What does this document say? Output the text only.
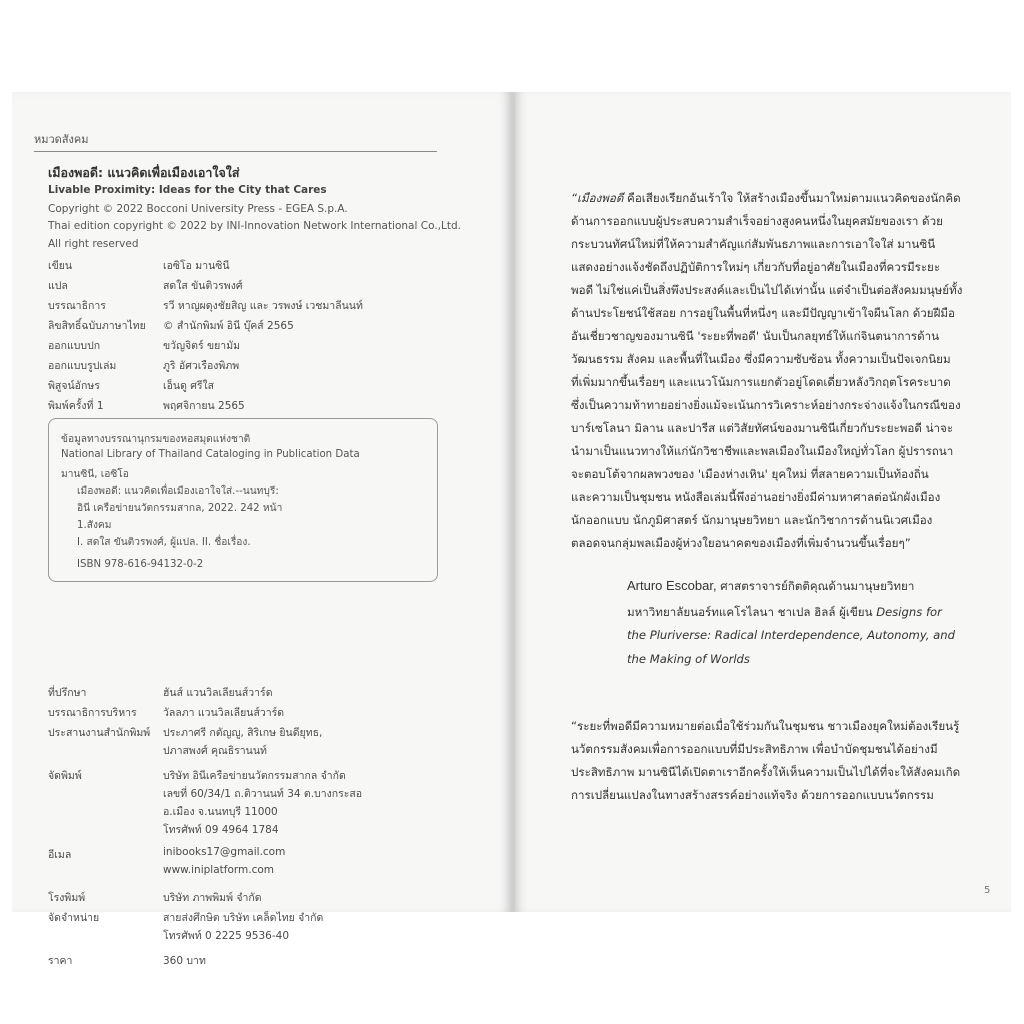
หมวดสังคม
เมืองพอดี: แนวคิดเพื่อเมืองเอาใจใส่
Livable Proximity: Ideas for the City that Cares
Copyright © 2022 Bocconi University Press - EGEA S.p.A.
Thai edition copyright © 2022 by INI-Innovation Network International Co.,Ltd.
All right reserved
เขียน	เอซิโอ มานซินี
แปล	สดใส ขันติวรพงศ์
บรรณาธิการ	รวี หาญผดุงชัยสิญ และ วรพงษ์ เวชมาลีนนท์
ลิขสิทธิ์ฉบับภาษาไทย © สำนักพิมพ์ อินี บุ๊คส์ 2565
ออกแบบปก	ขวัญจิตร์ ขยามัม
ออกแบบรูปเล่ม	ภูริ อัศวเรืองพิภพ
พิสูจน์อักษร	เอ็นดู ศรีใส
พิมพ์ครั้งที่ 1	พฤศจิกายน 2565
ข้อมูลทางบรรณานุกรมของหอสมุดแห่งชาติ
National Library of Thailand Cataloging in Publication Data
มานซินี, เอซิโอ
เมืองพอดี: แนวคิดเพื่อเมืองเอาใจใส่.--นนทบุรี:
อินี เครือข่ายนวัตกรรมสากล, 2022. 242 หน้า
1.สังคม
I. สดใส ขันติวรพงศ์, ผู้แปล. II. ชื่อเรื่อง.
ISBN 978-616-94132-0-2
ที่ปรึกษา	ฮันส์ แวนวิลเลียนส์วาร์ด
บรรณาธิการบริหาร	วัลลภา แวนวิลเลียนส์วาร์ด
ประสานงานสำนักพิมพ์ ประภาศรี กตัญญู, สิริเกษ ยินดียุทธ,
ปภาสพงศ์ คุณธิรานนท์
จัดพิมพ์	บริษัท อินีเครือข่ายนวัตกรรมสากล จำกัด
เลขที่ 60/34/1 ถ.ติวานนท์ 34 ต.บางกระสอ
อ.เมือง จ.นนทบุรี 11000
โทรศัพท์ 09 4964 1784
อีเมล	inibooks17@gmail.com
www.iniplatform.com
โรงพิมพ์	บริษัท ภาพพิมพ์ จำกัด
จัดจำหน่าย	สายส่งศึกษิต บริษัท เคล็ดไทย จำกัด
โทรศัพท์ 0 2225 9536-40
ราคา	360 บาท
“เมืองพอดี คือเสียงเรียกอันเร้าใจ ให้สร้างเมืองขึ้นมาใหม่ตามแนวคิดของนักคิด
ด้านการออกแบบผู้ประสบความสำเร็จอย่างสูงคนหนึ่งในยุคสมัยของเรา ด้วย
กระบวนทัศน์ใหม่ที่ให้ความสำคัญแก่สัมพันธภาพและการเอาใจใส่ มานซินี
แสดงอย่างแจ้งชัดถึงปฏิบัติการใหม่ๆ เกี่ยวกับที่อยู่อาศัยในเมืองที่ควรมีระยะ
พอดี ไม่ใช่แค่เป็นสิ่งพึงประสงค์และเป็นไปได้เท่านั้น แต่จำเป็นต่อสังคมมนุษย์ทั้ง
ด้านประโยชน์ใช้สอย การอยู่ในพื้นที่หนึ่งๆ และมีปัญญาเข้าใจผืนโลก ด้วยฝีมือ
อันเชี่ยวชาญของมานซินี 'ระยะที่พอดี' นับเป็นกลยุทธ์ให้แก่จินตนาการด้าน
วัฒนธรรม สังคม และพื้นที่ในเมือง ซึ่งมีความซับซ้อน ทั้งความเป็นปัจเจกนิยม
ที่เพิ่มมากขึ้นเรื่อยๆ และแนวโน้มการแยกตัวอยู่โดดเดี่ยวหลังวิกฤตโรคระบาด
ซึ่งเป็นความท้าทายอย่างยิ่งแม้จะเน้นการวิเคราะห์อย่างกระจ่างแจ้งในกรณีของ
บาร์เซโลนา มิลาน และปารีส แต่วิสัยทัศน์ของมานซินีเกี่ยวกับระยะพอดี น่าจะ
นำมาเป็นแนวทางให้แก่นักวิชาชีพและพลเมืองในเมืองใหญ่ทั่วโลก ผู้ปรารถนา
จะตอบโต้จากผลพวงของ 'เมืองห่างเหิน' ยุคใหม่ ที่สลายความเป็นท้องถิ่น
และความเป็นชุมชน หนังสือเล่มนี้พึงอ่านอย่างยิ่งมีค่ามหาศาลต่อนักผังเมือง
นักออกแบบ นักภูมิศาสตร์ นักมานุษยวิทยา และนักวิชาการด้านนิเวศเมือง
ตลอดจนกลุ่มพลเมืองผู้ห่วงใยอนาคตของเมืองที่เพิ่มจำนวนขึ้นเรื่อยๆ”
Arturo Escobar, ศาสตราจารย์กิตติคุณด้านมานุษยวิทยา
มหาวิทยาลัยนอร์ทแคโรไลนา ชาเปล ฮิลล์ ผู้เขียน Designs for
the Pluriverse: Radical Interdependence, Autonomy, and
the Making of Worlds
“ระยะที่พอดีมีความหมายต่อเมื่อใช้ร่วมกันในชุมชน ชาวเมืองยุคใหม่ต้องเรียนรู้
นวัตกรรมสังคมเพื่อการออกแบบที่มีประสิทธิภาพ เพื่อบำบัดชุมชนได้อย่างมี
ประสิทธิภาพ มานซินีได้เปิดตาเราอีกครั้งให้เห็นความเป็นไปได้ที่จะให้สังคมเกิด
การเปลี่ยนแปลงในทางสร้างสรรค์อย่างแท้จริง ด้วยการออกแบบนวัตกรรม
5
